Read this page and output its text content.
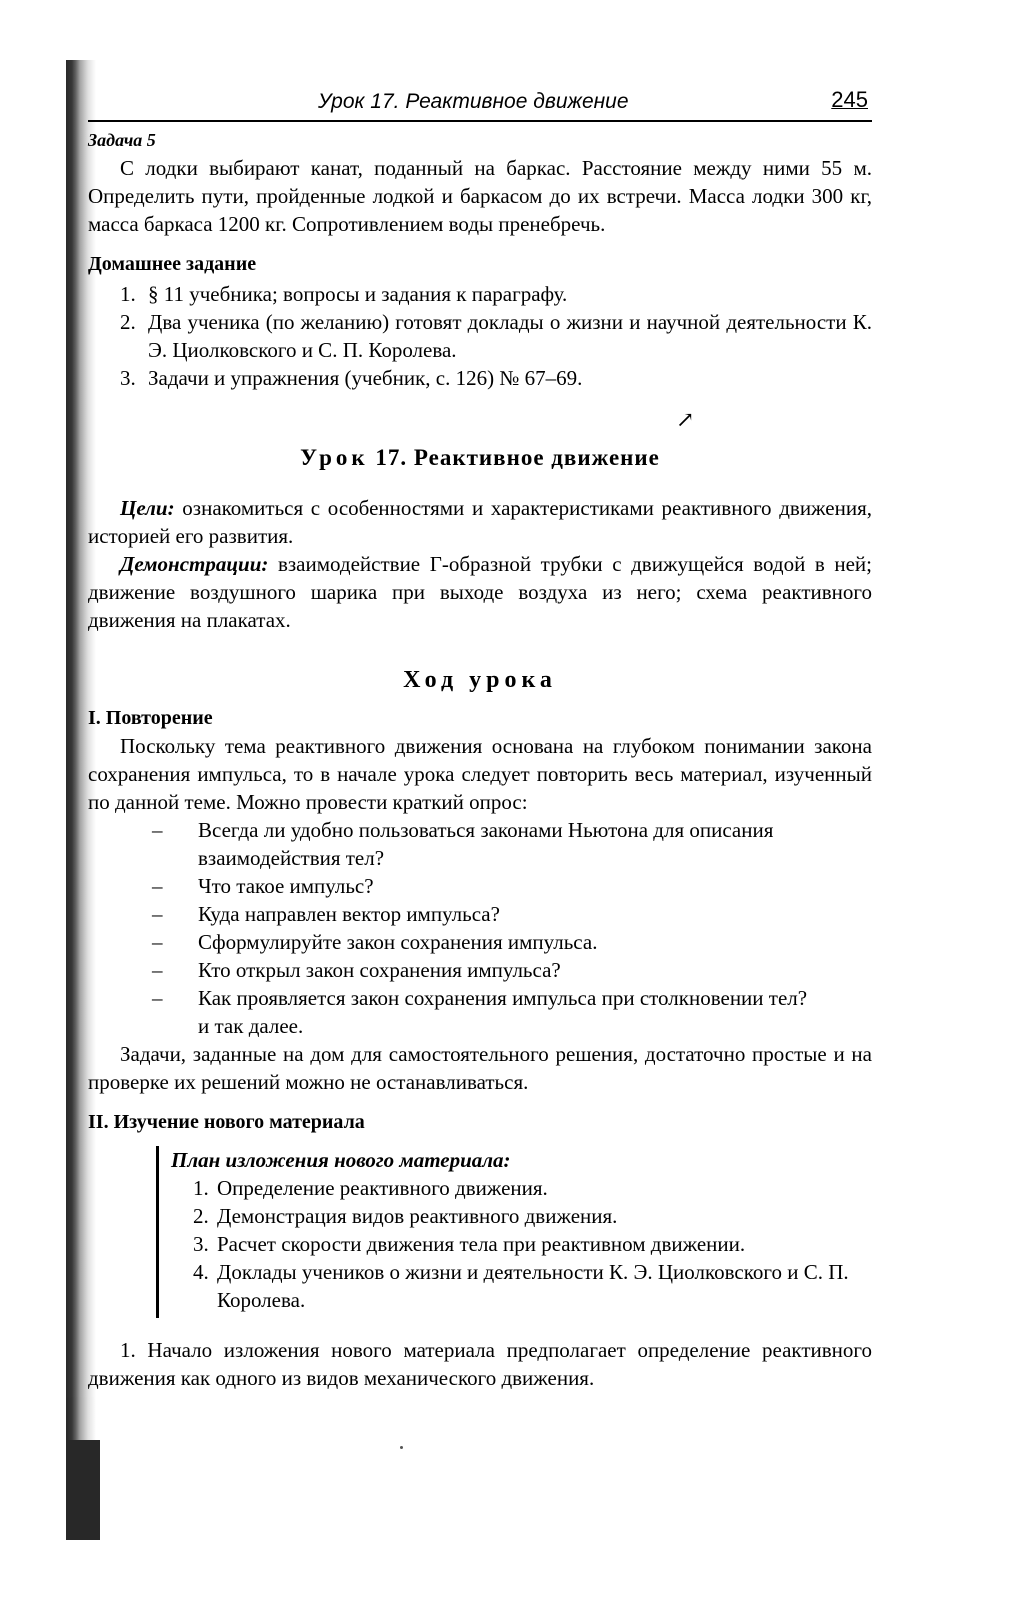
Урок 17. Реактивное движение	245
Задача 5

С лодки выбирают канат, поданный на баркас. Расстояние между ними 55 м. Определить пути, пройденные лодкой и баркасом до их встречи. Масса лодки 300 кг, масса баркаса 1200 кг. Сопротивлением воды пренебречь.

Домашнее задание
1. § 11 учебника; вопросы и задания к параграфу.
2. Два ученика (по желанию) готовят доклады о жизни и научной деятельности К. Э. Циолковского и С. П. Королева.
3. Задачи и упражнения (учебник, с. 126) № 67–69.
↗
Урок 17. Реактивное движение

Цели: ознакомиться с особенностями и характеристиками реактивного движения, историей его развития.

Демонстрации: взаимодействие Г-образной трубки с движущейся водой в ней; движение воздушного шарика при выходе воздуха из него; схема реактивного движения на плакатах.

Ход урока
I. Повторение

Поскольку тема реактивного движения основана на глубоком понимании закона сохранения импульса, то в начале урока следует повторить весь материал, изученный по данной теме. Можно провести краткий опрос:

– Всегда ли удобно пользоваться законами Ньютона для описания взаимодействия тел?
– Что такое импульс?
– Куда направлен вектор импульса?
– Сформулируйте закон сохранения импульса.
– Кто открыл закон сохранения импульса?
– Как проявляется закон сохранения импульса при столкновении тел?
и так далее.

Задачи, заданные на дом для самостоятельного решения, достаточно простые и на проверке их решений можно не останавливаться.

II. Изучение нового материала
План изложения нового материала:
1. Определение реактивного движения.
2. Демонстрация видов реактивного движения.
3. Расчет скорости движения тела при реактивном движении.
4. Доклады учеников о жизни и деятельности К. Э. Циолковского и С. П. Королева.

1. Начало изложения нового материала предполагает определение реактивного движения как одного из видов механического движения.
